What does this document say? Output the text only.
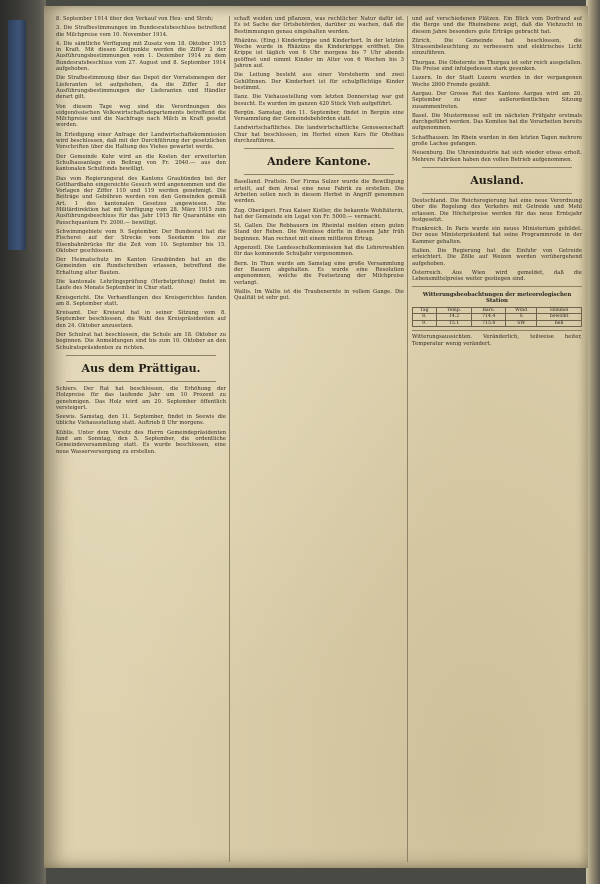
8. September 1914 über den Verkauf von Heu- und Stroh;

3. Die Strafbestimmungen im Bundesratsbeschluss betreffend die Milchpreise vom 10. November 1914.

4. Die sämtliche Verfügung mit Zusatz vom 18. Oktober 1915 in Kraft. Mit diesen Zeitpunkte werden die Ziffer 2 der Ausführungsbestimmungen vom 1. Dezember 1914 zu dem Bundesratsbeschluss vom 27. August und 8. September 1914 aufgehoben.

Die Strafbestimmung über das Depot der Vorratsmengen der Lieferanten ist aufgehoben, da die Ziffer 2 der Ausführungsbestimmungen der Lieferanten und Händler derart gilt.

Von diesem Tage weg sind die Verordnungen des eidgenössischen Volkswirtschaftsdepartements betreffend die Milchpreise und die Nachfrage nach Milch in Kraft gesetzt worden.

In Erledigung einer Anfrage der Landwirtschaftskommission wird beschlossen, daß mit der Durchführung der gesetzlichen Vorschriften über die Haltung des Viehes gewartet werde.

Der Gemeinde Kuhr wird an die Kosten der erweiterten Schulhausanlage ein Beitrag von Fr. 2040.— aus den kantonalen Schulfonds bewilligt.

Das vom Regierungsrat des Kantons Graubünden bei der Gotthardbahn eingereichte Gesuch wird angenommen und die Vorlagen der Ziffer 110 und 119 werden genehmigt. Die Beiträge und Gebühren werden von den Gemeinden gemäß Art. 1 des kantonalen Gesetzes angewiesen. Die Militärdirektion hat mit Verfügung vom 28. März 1915 zum Ausführungsbeschluss für das Jahr 1915 für Quarantäne ein Pauschquantum Fr. 2000.— bewilligt.

Schwimmgebiete vom 9. September. Der Bundesrat hat die Fischerei auf der Strecke vom Seedamm bis zur Eisenbahnbrücke für die Zeit vom 10. September bis 15. Oktober geschlossen.

Der Heimatschutz im Kanton Graubünden hat an die Gemeinden ein Rundschreiben erlassen, betreffend die Erhaltung alter Bauten.

Die kantonale Lehrlingsprüfung (Herbstprüfung) findet im Laufe des Monats September in Chur statt.

Kreisgericht. Die Verhandlungen des Kreisgerichtes fanden am 8. September statt.

Kreisamt. Der Kreisrat hat in seiner Sitzung vom 8. September beschlossen, die Wahl des Kreispräsidenten auf den 24. Oktober anzusetzen.

Der Schulrat hat beschlossen, die Schule am 18. Oktober zu beginnen. Die Anmeldungen sind bis zum 10. Oktober an den Schulratspräsidenten zu richten.

Aus dem Prättigau.

Schiers. Der Rat hat beschlossen, die Erhöhung der Holzpreise für das laufende Jahr um 10 Prozent zu genehmigen. Das Holz wird am 20. September öffentlich versteigert.

Seewis. Samstag, den 11. September, findet in Seewis die übliche Viehausstellung statt. Auftrieb 8 Uhr morgens.

Küblis. Unter dem Vorsitz des Herrn Gemeindepräsidenten fand am Sonntag, den 5. September, die ordentliche Gemeindeversammlung statt. Es wurde beschlossen, eine neue Wasserversorgung zu erstellen.

schaft weiden und pflanzen, was rechtlicher Natur dafür ist. Es ist Sache der Ortsbehörden, darüber zu wachen, daß die Bestimmungen genau eingehalten werden.

Rhäzüns. (Eing.) Kinderkrippe und Kinderhort. In der letzten Woche wurde in Rhäzüns die Kinderkrippe eröffnet. Die Krippe ist täglich von 6 Uhr morgens bis 7 Uhr abends geöffnet und nimmt Kinder im Alter von 6 Wochen bis 3 Jahren auf.

Die Leitung besteht aus einer Vorsteherin und zwei Gehilfinnen. Der Kinderhort ist für schulpflichtige Kinder bestimmt.

Ilanz. Die Viehausstellung vom letzten Donnerstag war gut besucht. Es wurden im ganzen 420 Stück Vieh aufgeführt.

Bergün. Samstag, den 11. September, findet in Bergün eine Versammlung der Gemeindebehörden statt.

Landwirtschaftliches. Die landwirtschaftliche Genossenschaft Chur hat beschlossen, im Herbst einen Kurs für Obstbau durchzuführen.

Andere Kantone.

Baselland. Pratteln. Der Firma Sulzer wurde die Bewilligung erteilt, auf dem Areal eine neue Fabrik zu erstellen. Die Arbeiten sollen noch in diesem Herbst in Angriff genommen werden.

Zug. Oberägeri. Frau Kaiser Kistler, die bekannte Wohltäterin, hat der Gemeinde ein Legat von Fr. 5000.— vermacht.

St. Gallen. Die Rebbauern im Rheintal melden einen guten Stand der Reben. Die Weinlese dürfte in diesem Jahr früh beginnen. Man rechnet mit einem mittleren Ertrag.

Appenzell. Die Landesschulkommission hat die Lehrerwahlen für das kommende Schuljahr vorgenommen.

Bern. In Thun wurde am Samstag eine große Versammlung der Bauern abgehalten. Es wurde eine Resolution angenommen, welche die Festsetzung der Milchpreise verlangt.

Wallis. Im Wallis ist die Traubenernte in vollem Gange. Die Qualität ist sehr gut.

und auf verschiedenen Plätzen. Ein Blick vom Dorfrand auf die Berge und die Rheinebene zeigt, daß die Viehzucht in diesem Jahre besonders gute Erträge gebracht hat.

Zürich. Die Gemeinde hat beschlossen, die Strassenbeleuchtung zu verbessern und elektrisches Licht einzuführen.

Thurgau. Die Obsternte im Thurgau ist sehr reich ausgefallen. Die Preise sind infolgedessen stark gesunken.

Luzern. In der Stadt Luzern wurden in der vergangenen Woche 2800 Fremde gezählt.

Aargau. Der Grosse Rat des Kantons Aargau wird am 20. September zu einer außerordentlichen Sitzung zusammentreten.

Basel. Die Mustermesse soll im nächsten Frühjahr erstmals durchgeführt werden. Das Komitee hat die Vorarbeiten bereits aufgenommen.

Schaffhausen. Im Rhein wurden in den letzten Tagen mehrere große Lachse gefangen.

Neuenburg. Die Uhrenindustrie hat sich wieder etwas erholt. Mehrere Fabriken haben den vollen Betrieb aufgenommen.

Ausland.

Deutschland. Die Reichsregierung hat eine neue Verordnung über die Regelung des Verkehrs mit Getreide und Mehl erlassen. Die Höchstpreise werden für das neue Erntejahr festgesetzt.

Frankreich. In Paris wurde ein neues Ministerium gebildet. Der neue Ministerpräsident hat seine Programmrede in der Kammer gehalten.

Italien. Die Regierung hat die Einfuhr von Getreide erleichtert. Die Zölle auf Weizen werden vorübergehend aufgehoben.

Österreich. Aus Wien wird gemeldet, daß die Lebensmittelpreise weiter gestiegen sind.

Witterungsbeobachtungen der meteorologischen Station
Tag	Temp.	Baro.	Wind	Himmel
8.	14.2	714.4	S	bewölkt
9.	15.1	715.8	SW	hell

Witterungsaussichten. Veränderlich, teilweise heiter, Temperatur wenig verändert.
